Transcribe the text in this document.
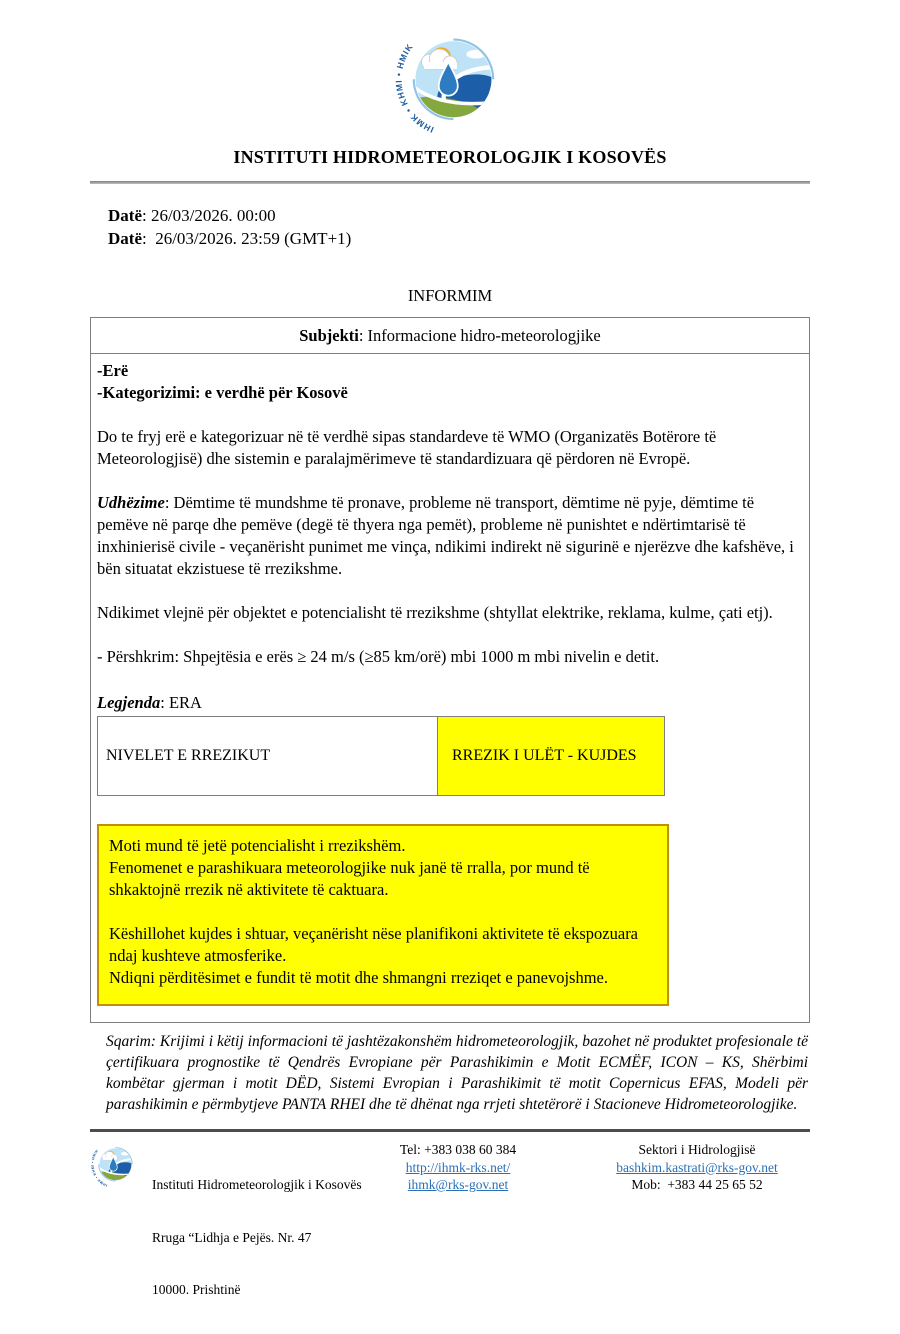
IHMK • KHMI • HMIK
INSTITUTI HIDROMETEOROLOGJIK I KOSOVËS
Datë: 26/03/2026. 00:00
Datë:  26/03/2026. 23:59 (GMT+1)
INFORMIM
Subjekti: Informacione hidro-meteorologjike
-Erë
-Kategorizimi: e verdhë për Kosovë
Do te fryj erë e kategorizuar në të verdhë sipas standardeve të WMO (Organizatës Botërore të Meteorologjisë) dhe sistemin e paralajmërimeve të standardizuara që përdoren në Evropë.
Udhëzime: Dëmtime të mundshme të pronave, probleme në transport, dëmtime në pyje, dëmtime të pemëve në parqe dhe pemëve (degë të thyera nga pemët), probleme në punishtet e ndërtimtarisë të inxhinierisë civile - veçanërisht punimet me vinça, ndikimi indirekt në sigurinë e njerëzve dhe kafshëve, i bën situatat ekzistuese të rrezikshme.
Ndikimet vlejnë për objektet e potencialisht të rrezikshme (shtyllat elektrike, reklama, kulme, çati etj).
- Përshkrim: Shpejtësia e erës ≥ 24 m/s (≥85 km/orë) mbi 1000 m mbi nivelin e detit.
Legjenda: ERA
NIVELET E RREZIKUT	RREZIK I ULËT - KUJDES
Moti mund të jetë potencialisht i rrezikshëm.
Fenomenet e parashikuara meteorologjike nuk janë të rralla, por mund të shkaktojnë rrezik në aktivitete të caktuara.
Këshillohet kujdes i shtuar, veçanërisht nëse planifikoni aktivitete të ekspozuara ndaj kushteve atmosferike.
Ndiqni përditësimet e fundit të motit dhe shmangni rreziqet e panevojshme.
Sqarim: Krijimi i këtij informacioni të jashtëzakonshëm hidrometeorologjik, bazohet në produktet profesionale të çertifikuara prognostike të Qendrës Evropiane për Parashikimin e Motit ECMËF, ICON – KS, Shërbimi kombëtar gjerman i motit DËD, Sistemi Evropian i Parashikimit të motit Copernicus EFAS, Modeli për parashikimin e përmbytjeve PANTA RHEI dhe të dhënat nga rrjeti shtetërorë i Stacioneve Hidrometeorologjike.
IHMK • KHMI • HMIK

Instituti Hidrometeorologjik i Kosovës

Rruga “Lidhja e Pejës. Nr. 47

10000. Prishtinë

Tel: +383 038 60 384
http://ihmk-rks.net/
ihmk@rks-gov.net
Sektori i Hidrologjisë
bashkim.kastrati@rks-gov.net
Mob:  +383 44 25 65 52
